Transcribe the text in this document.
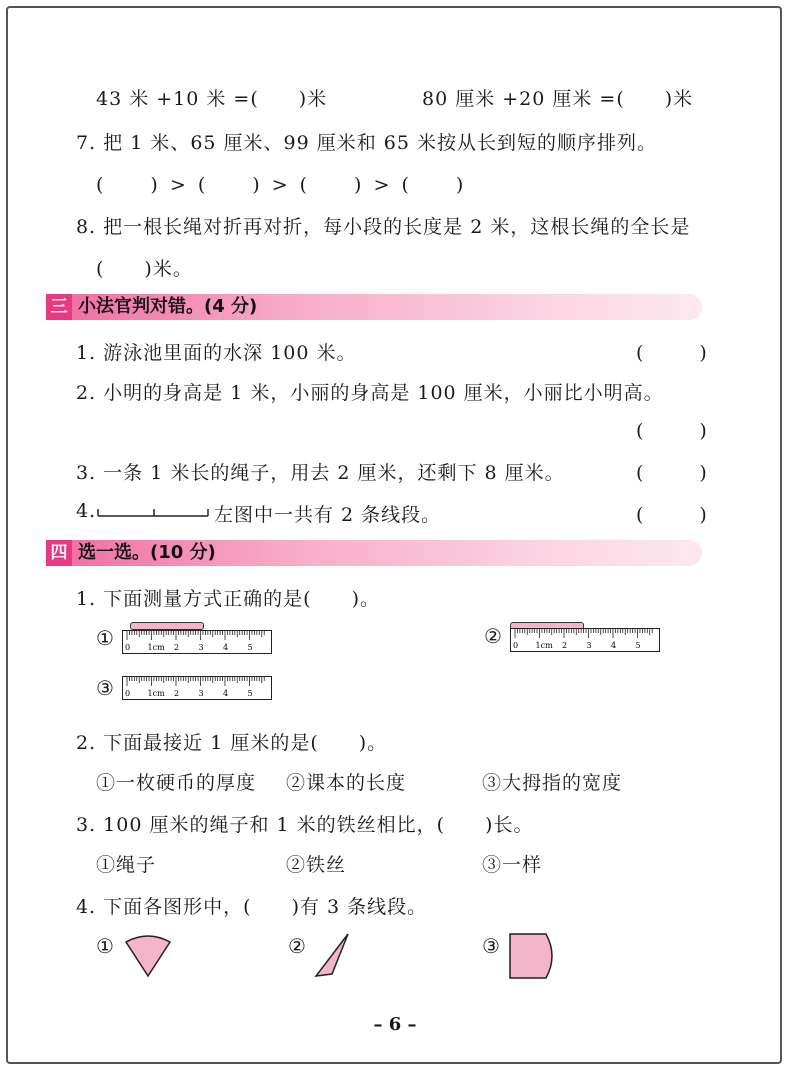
43 米 +10 米 =(　　)米	80 厘米 +20 厘米 =(　　)米
7. 把 1 米、65 厘米、99 厘米和 65 米按从长到短的顺序排列。
(　　) > (　　) > (　　) > (　　)
8. 把一根长绳对折再对折，每小段的长度是 2 米，这根长绳的全长是
(　　)米。
三 小法官判对错。(4 分)
1. 游泳池里面的水深 100 米。	(　　)
2. 小明的身高是 1 米，小丽的身高是 100 厘米，小丽比小明高。
(　　)
3. 一条 1 米长的绳子，用去 2 厘米，还剩下 8 厘米。	(　　)
4.	左图中一共有 2 条线段。	(　　)
四 选一选。(10 分)
1. 下面测量方式正确的是(　　)。
① 0 1cm 2 3 4 5	② 0 1cm 2 3 4 5
③ 0 1cm 2 3 4 5
2. 下面最接近 1 厘米的是(　　)。
①一枚硬币的厚度 ②课本的长度	③大拇指的宽度
3. 100 厘米的绳子和 1 米的铁丝相比，(　　)长。
①绳子	②铁丝	③一样
4. 下面各图形中，(　　)有 3 条线段。
①	②	③
– 6 –
